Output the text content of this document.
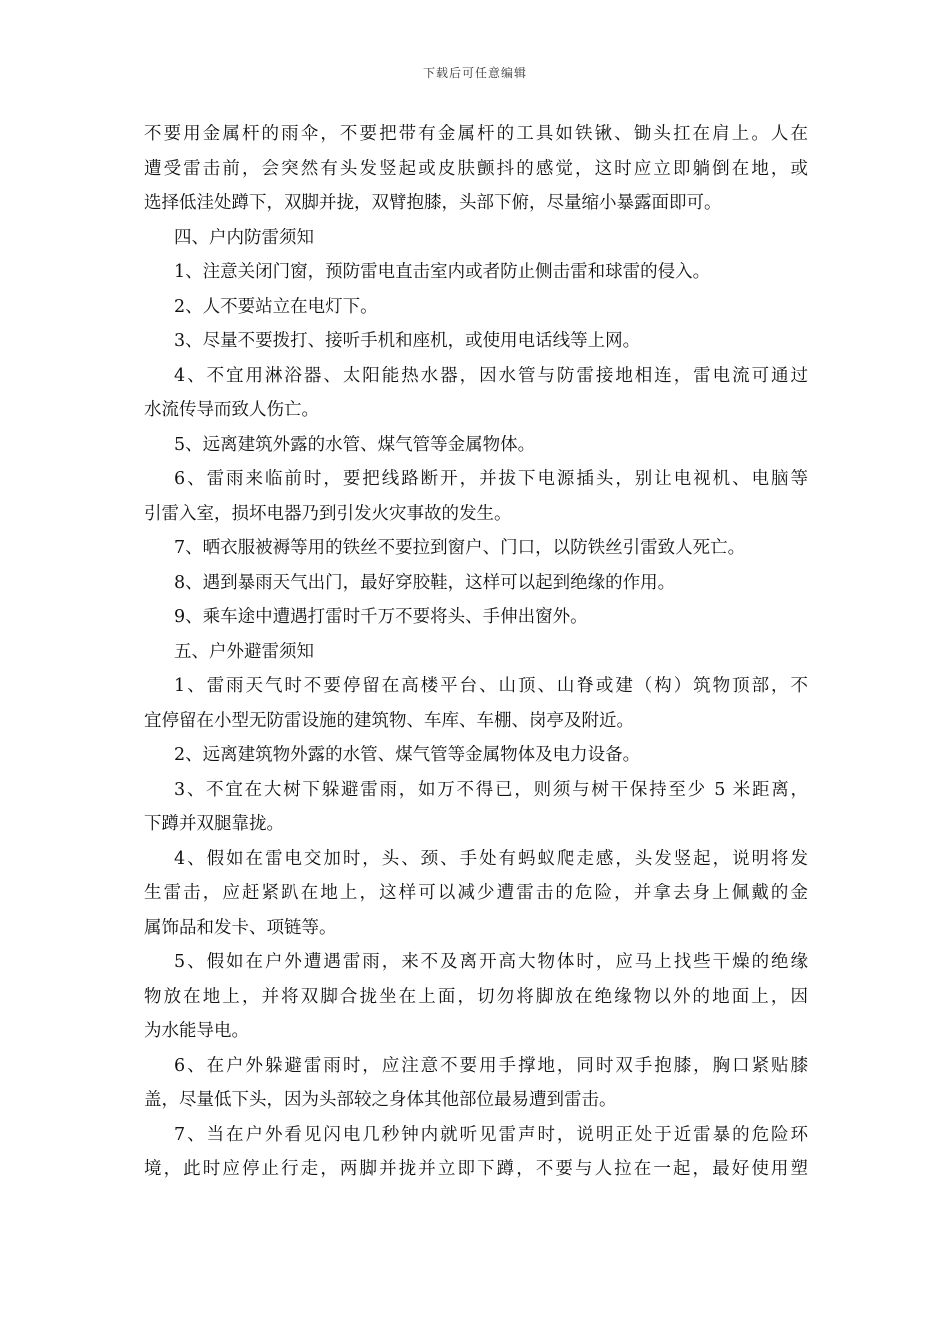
下载后可任意编辑
不要用金属杆的雨伞，不要把带有金属杆的工具如铁锹、锄头扛在肩上。人在
遭受雷击前，会突然有头发竖起或皮肤颤抖的感觉，这时应立即躺倒在地，或
选择低洼处蹲下，双脚并拢，双臂抱膝，头部下俯，尽量缩小暴露面即可。
四、户内防雷须知
1、注意关闭门窗，预防雷电直击室内或者防止侧击雷和球雷的侵入。
2、人不要站立在电灯下。
3、尽量不要拨打、接听手机和座机，或使用电话线等上网。
4、不宜用淋浴器、太阳能热水器，因水管与防雷接地相连，雷电流可通过
水流传导而致人伤亡。
5、远离建筑外露的水管、煤气管等金属物体。
6、雷雨来临前时，要把线路断开，并拔下电源插头，别让电视机、电脑等
引雷入室，损坏电器乃到引发火灾事故的发生。
7、晒衣服被褥等用的铁丝不要拉到窗户、门口，以防铁丝引雷致人死亡。
8、遇到暴雨天气出门，最好穿胶鞋，这样可以起到绝缘的作用。
9、乘车途中遭遇打雷时千万不要将头、手伸出窗外。
五、户外避雷须知
1、雷雨天气时不要停留在高楼平台、山顶、山脊或建（构）筑物顶部，不
宜停留在小型无防雷设施的建筑物、车库、车棚、岗亭及附近。
2、远离建筑物外露的水管、煤气管等金属物体及电力设备。
3、不宜在大树下躲避雷雨，如万不得已，则须与树干保持至少 5 米距离，
下蹲并双腿靠拢。
4、假如在雷电交加时，头、颈、手处有蚂蚁爬走感，头发竖起，说明将发
生雷击，应赶紧趴在地上，这样可以减少遭雷击的危险，并拿去身上佩戴的金
属饰品和发卡、项链等。
5、假如在户外遭遇雷雨，来不及离开高大物体时，应马上找些干燥的绝缘
物放在地上，并将双脚合拢坐在上面，切勿将脚放在绝缘物以外的地面上，因
为水能导电。
6、在户外躲避雷雨时，应注意不要用手撑地，同时双手抱膝，胸口紧贴膝
盖，尽量低下头，因为头部较之身体其他部位最易遭到雷击。
7、当在户外看见闪电几秒钟内就听见雷声时，说明正处于近雷暴的危险环
境，此时应停止行走，两脚并拢并立即下蹲，不要与人拉在一起，最好使用塑
